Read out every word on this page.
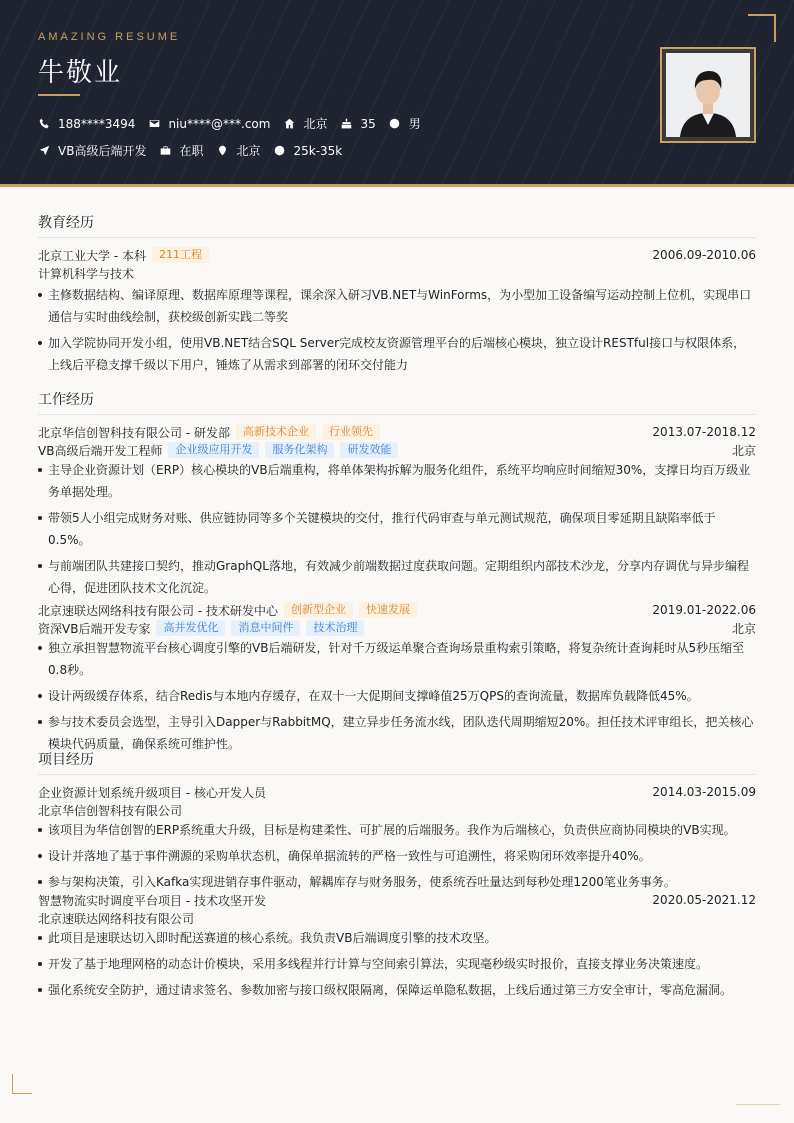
AMAZING RESUME
牛敬业
188****3494	niu****@***.com	北京	35	男
VB高级后端开发	在职	北京	25k-35k
教育经历
北京工业大学 - 本科	211工程	2006.09-2010.06
计算机科学与技术
主修数据结构、编译原理、数据库原理等课程，课余深入研习VB.NET与WinForms，为小型加工设备编写运动控制上位机，实现串口通信与实时曲线绘制，获校级创新实践二等奖
加入学院协同开发小组，使用VB.NET结合SQL Server完成校友资源管理平台的后端核心模块，独立设计RESTful接口与权限体系，上线后平稳支撑千级以下用户，锤炼了从需求到部署的闭环交付能力
工作经历
北京华信创智科技有限公司 - 研发部	高新技术企业	行业领先	2013.07-2018.12
VB高级后端开发工程师	企业级应用开发	服务化架构	研发效能	北京
主导企业资源计划（ERP）核心模块的VB后端重构，将单体架构拆解为服务化组件，系统平均响应时间缩短30%，支撑日均百万级业务单据处理。
带领5人小组完成财务对账、供应链协同等多个关键模块的交付，推行代码审查与单元测试规范，确保项目零延期且缺陷率低于0.5%。
与前端团队共建接口契约，推动GraphQL落地，有效减少前端数据过度获取问题。定期组织内部技术沙龙，分享内存调优与异步编程心得，促进团队技术文化沉淀。
北京速联达网络科技有限公司 - 技术研发中心	创新型企业	快速发展	2019.01-2022.06
资深VB后端开发专家	高并发优化	消息中间件	技术治理	北京
独立承担智慧物流平台核心调度引擎的VB后端研发，针对千万级运单聚合查询场景重构索引策略，将复杂统计查询耗时从5秒压缩至0.8秒。
设计两级缓存体系，结合Redis与本地内存缓存，在双十一大促期间支撑峰值25万QPS的查询流量，数据库负载降低45%。
参与技术委员会选型，主导引入Dapper与RabbitMQ，建立异步任务流水线，团队迭代周期缩短20%。担任技术评审组长，把关核心模块代码质量，确保系统可维护性。
项目经历
企业资源计划系统升级项目 - 核心开发人员	2014.03-2015.09
北京华信创智科技有限公司
该项目为华信创智的ERP系统重大升级，目标是构建柔性、可扩展的后端服务。我作为后端核心，负责供应商协同模块的VB实现。
设计并落地了基于事件溯源的采购单状态机，确保单据流转的严格一致性与可追溯性，将采购闭环效率提升40%。
参与架构决策，引入Kafka实现进销存事件驱动，解耦库存与财务服务，使系统吞吐量达到每秒处理1200笔业务事务。
智慧物流实时调度平台项目 - 技术攻坚开发	2020.05-2021.12
北京速联达网络科技有限公司
此项目是速联达切入即时配送赛道的核心系统。我负责VB后端调度引擎的技术攻坚。
开发了基于地理网格的动态计价模块，采用多线程并行计算与空间索引算法，实现毫秒级实时报价，直接支撑业务决策速度。
强化系统安全防护，通过请求签名、参数加密与接口级权限隔离，保障运单隐私数据，上线后通过第三方安全审计，零高危漏洞。
